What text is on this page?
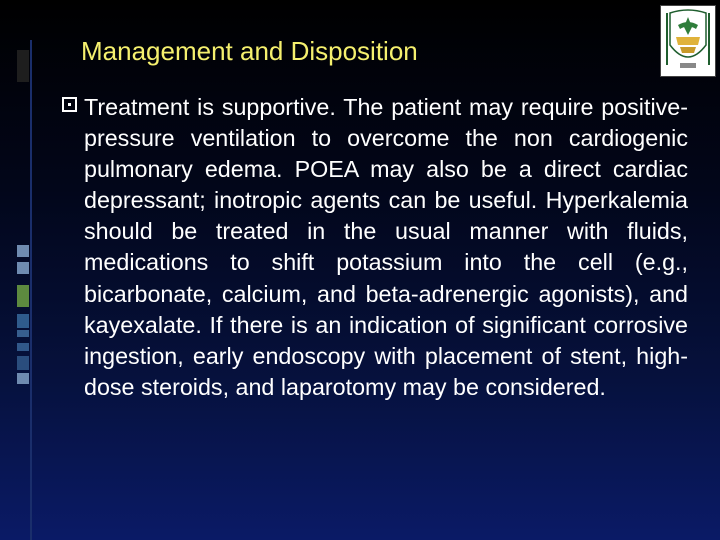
Management and Disposition

Treatment is supportive. The patient may require positive-pressure ventilation to overcome the non cardiogenic pulmonary edema. POEA may also be a direct cardiac depressant; inotropic agents can be useful. Hyperkalemia should be treated in the usual manner with fluids, medications to shift potassium into the cell (e.g., bicarbonate, calcium, and beta-adrenergic agonists), and kayexalate. If there is an indication of significant corrosive ingestion, early endoscopy with placement of stent, high-dose steroids, and laparotomy may be considered.
